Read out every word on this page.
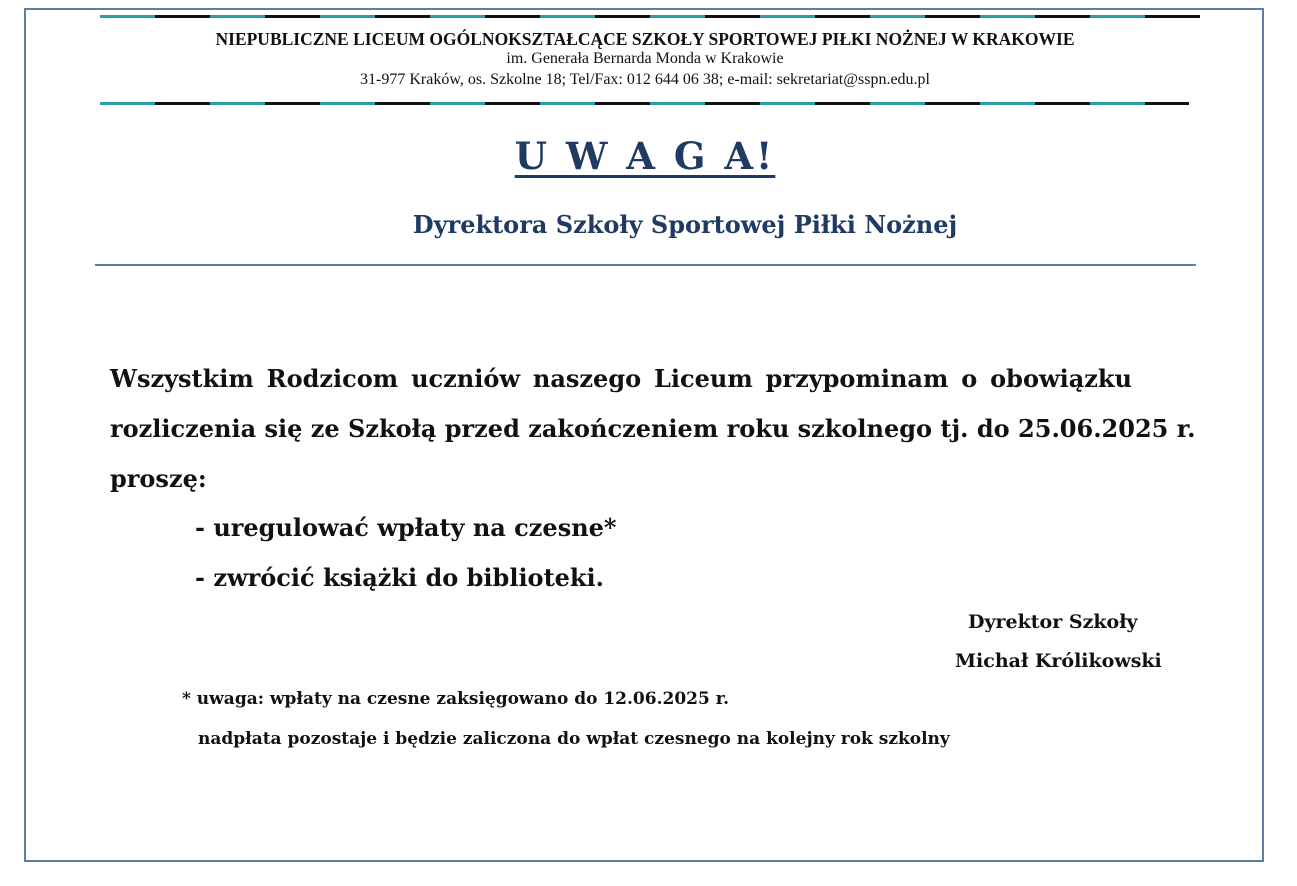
NIEPUBLICZNE LICEUM OGÓLNOKSZTAŁCĄCE SZKOŁY SPORTOWEJ PIŁKI NOŻNEJ W KRAKOWIE

im. Generała Bernarda Monda w Krakowie

31-977 Kraków, os. Szkolne 18; Tel/Fax: 012 644 06 38; e-mail: sekretariat@sspn.edu.pl

U W A G A!
Dyrektora Szkoły Sportowej Piłki Nożnej

Wszystkim Rodzicom uczniów naszego Liceum przypominam o obowiązku

rozliczenia się ze Szkołą przed zakończeniem roku szkolnego tj. do 25.06.2025 r.

proszę:

- uregulować wpłaty na czesne*

- zwrócić książki do biblioteki.

Dyrektor Szkoły

Michał Królikowski

* uwaga: wpłaty na czesne zaksięgowano do 12.06.2025 r.

nadpłata pozostaje i będzie zaliczona do wpłat czesnego na kolejny rok szkolny
